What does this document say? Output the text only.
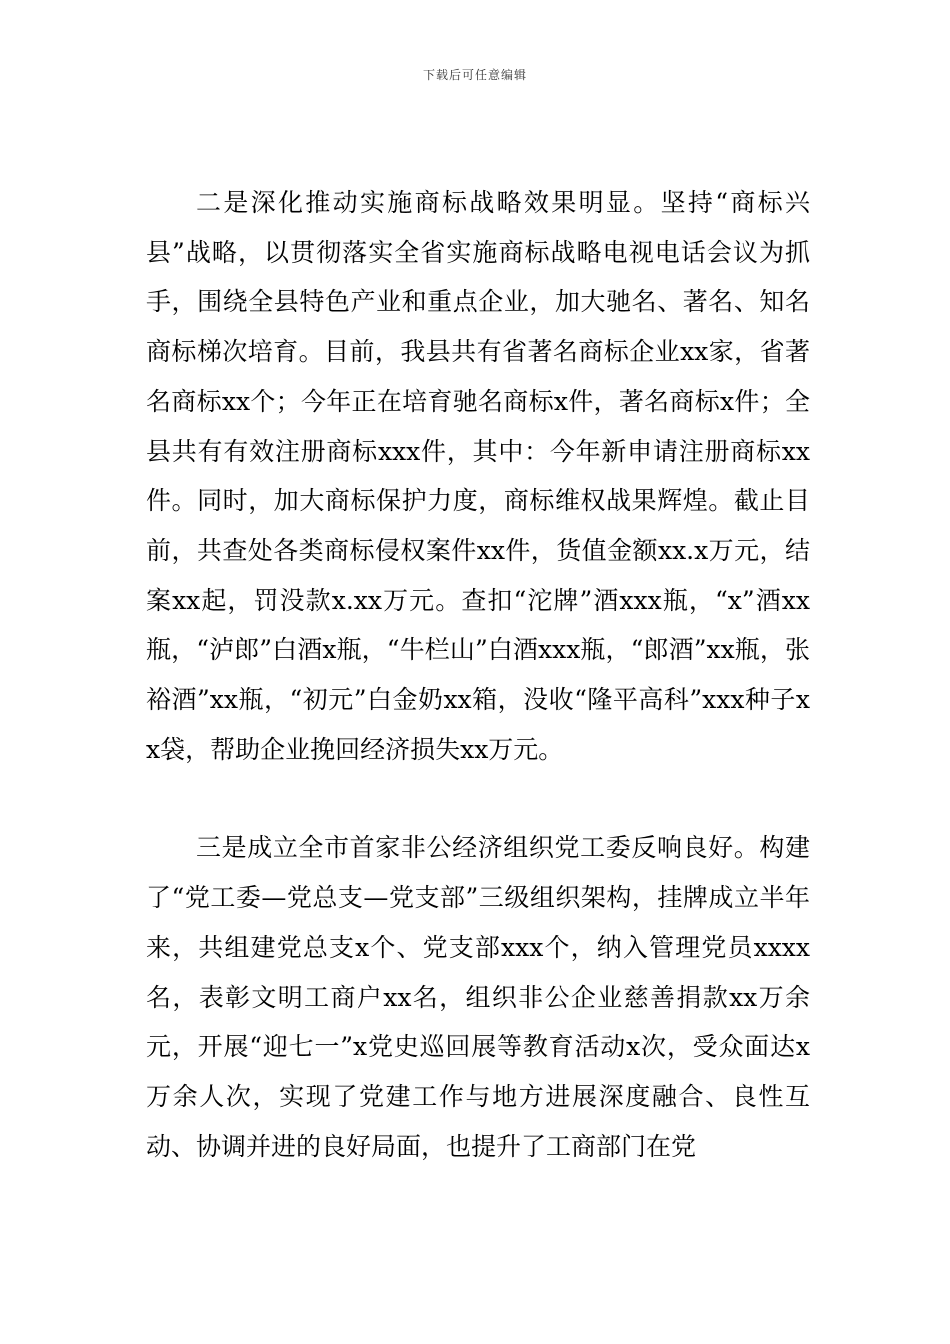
下载后可任意编辑

二是深化推动实施商标战略效果明显。坚持“商标兴县”战略，以贯彻落实全省实施商标战略电视电话会议为抓手，围绕全县特色产业和重点企业，加大驰名、著名、知名商标梯次培育。目前，我县共有省著名商标企业xx家，省著名商标xx个；今年正在培育驰名商标x件，著名商标x件；全县共有有效注册商标xxx件，其中：今年新申请注册商标xx件。同时，加大商标保护力度，商标维权战果辉煌。截止目前，共查处各类商标侵权案件xx件，货值金额xx.x万元，结案xx起，罚没款x.xx万元。查扣“沱牌”酒xxx瓶，“x”酒xx瓶，“泸郎”白酒x瓶，“牛栏山”白酒xxx瓶，“郎酒”xx瓶，张裕酒”xx瓶，“初元”白金奶xx箱，没收“隆平高科”xxx种子xx袋，帮助企业挽回经济损失xx万元。

三是成立全市首家非公经济组织党工委反响良好。构建了“党工委—党总支—党支部”三级组织架构，挂牌成立半年来，共组建党总支x个、党支部xxx个，纳入管理党员xxxx名，表彰文明工商户xx名，组织非公企业慈善捐款xx万余元，开展“迎七一”x党史巡回展等教育活动x次，受众面达x万余人次，实现了党建工作与地方进展深度融合、良性互动、协调并进的良好局面，也提升了工商部门在党
